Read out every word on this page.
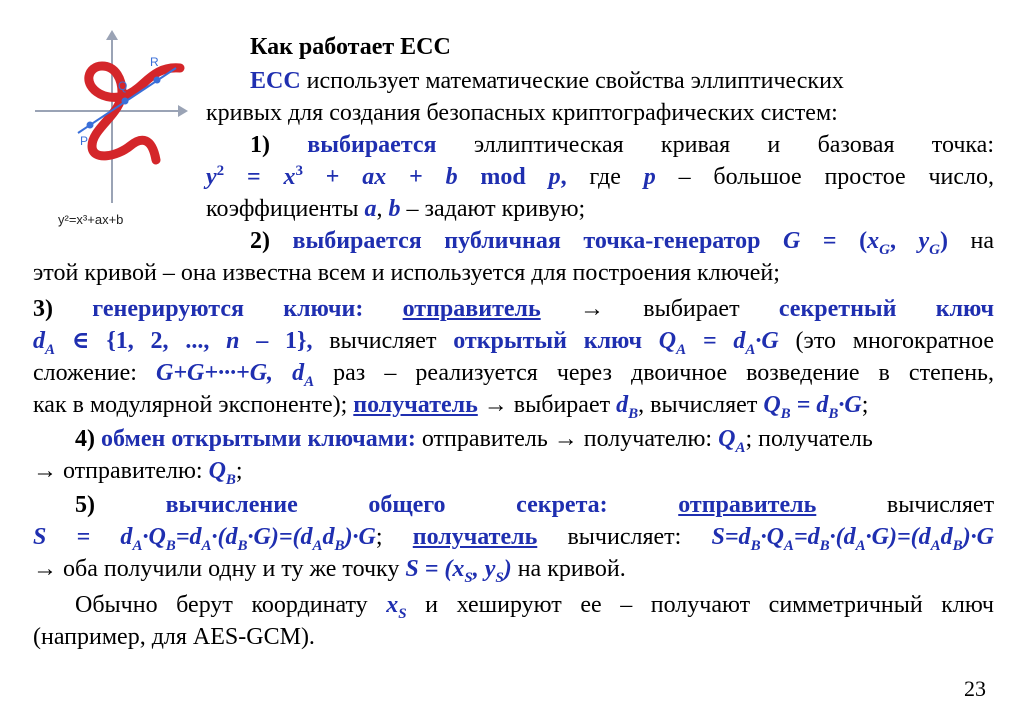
P
Q
R
y²=x³+ax+b
Как работает ECC
ECC использует математические свойства эллиптических
кривых для создания безопасных криптографических систем:
1) выбирается эллиптическая кривая и базовая точка:
$y^2 = x^3$ + ax + b mod p, где p – большое простое число,
коэффициенты a, b – задают кривую;
2) выбирается публичная точка-генератор $G = (x_G$, $y_G$) на
этой кривой – она известна всем и используется для построения ключей;
3) генерируются ключи: отправитель → выбирает секретный ключ
$d_A$ ∈ {1, 2, ..., n – 1}, вычисляет открытый ключ $Q_A = d_A\cdot G$ (это многократное
сложение: G+G+···+G, $d_A$ раз – реализуется через двоичное возведение в степень,
как в модулярной экспоненте); получатель → выбирает $d_B$, вычисляет $Q_B = d_B\cdot G$;
4) обмен открытыми ключами: отправитель → получателю: $Q_A$; получатель
→ отправителю: $Q_B$;
5)	вычисление	общего	секрета:	отправитель	вычисляет
$S = d_A\cdot Q_B=d_A\cdot(d_B\cdot G)=(d_Ad_B)\cdot G$; получатель вычисляет: $S=d_B\cdot Q_A=d_B\cdot(d_A\cdot G)=(d_Ad_B)\cdot G$
→ оба получили одну и ту же точку $S = (x_S$, $y_S$) на кривой.
Обычно берут координату $x_S$ и хешируют ее – получают симметричный ключ
(например, для AES-GCM).
23
